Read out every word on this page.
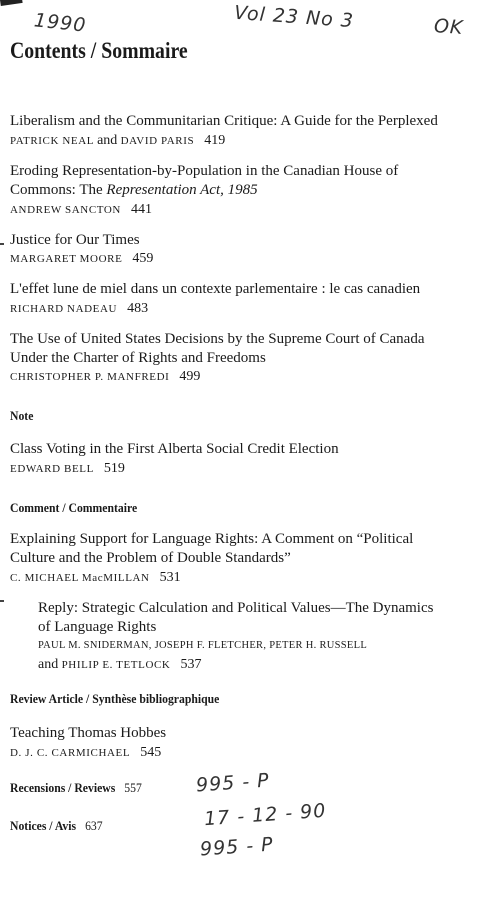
1990	Vol 23 No 3	OK
995 - P
17 - 12 - 90
995 - P
Contents / Sommaire
Liberalism and the Communitarian Critique: A Guide for the Perplexed
PATRICK NEAL and DAVID PARIS 419
Eroding Representation-by-Population in the Canadian House of
Commons: The Representation Act, 1985
ANDREW SANCTON 441
Justice for Our Times
MARGARET MOORE 459
L'effet lune de miel dans un contexte parlementaire : le cas canadien
RICHARD NADEAU 483
The Use of United States Decisions by the Supreme Court of Canada
Under the Charter of Rights and Freedoms
CHRISTOPHER P. MANFREDI 499
Note
Class Voting in the First Alberta Social Credit Election
EDWARD BELL 519
Comment / Commentaire
Explaining Support for Language Rights: A Comment on “Political
Culture and the Problem of Double Standards”
C. MICHAEL MacMILLAN 531
Reply: Strategic Calculation and Political Values—The Dynamics
of Language Rights
PAUL M. SNIDERMAN, JOSEPH F. FLETCHER, PETER H. RUSSELL
and PHILIP E. TETLOCK 537
Review Article / Synthèse bibliographique
Teaching Thomas Hobbes
D. J. C. CARMICHAEL 545
Recensions / Reviews 557
Notices / Avis 637
